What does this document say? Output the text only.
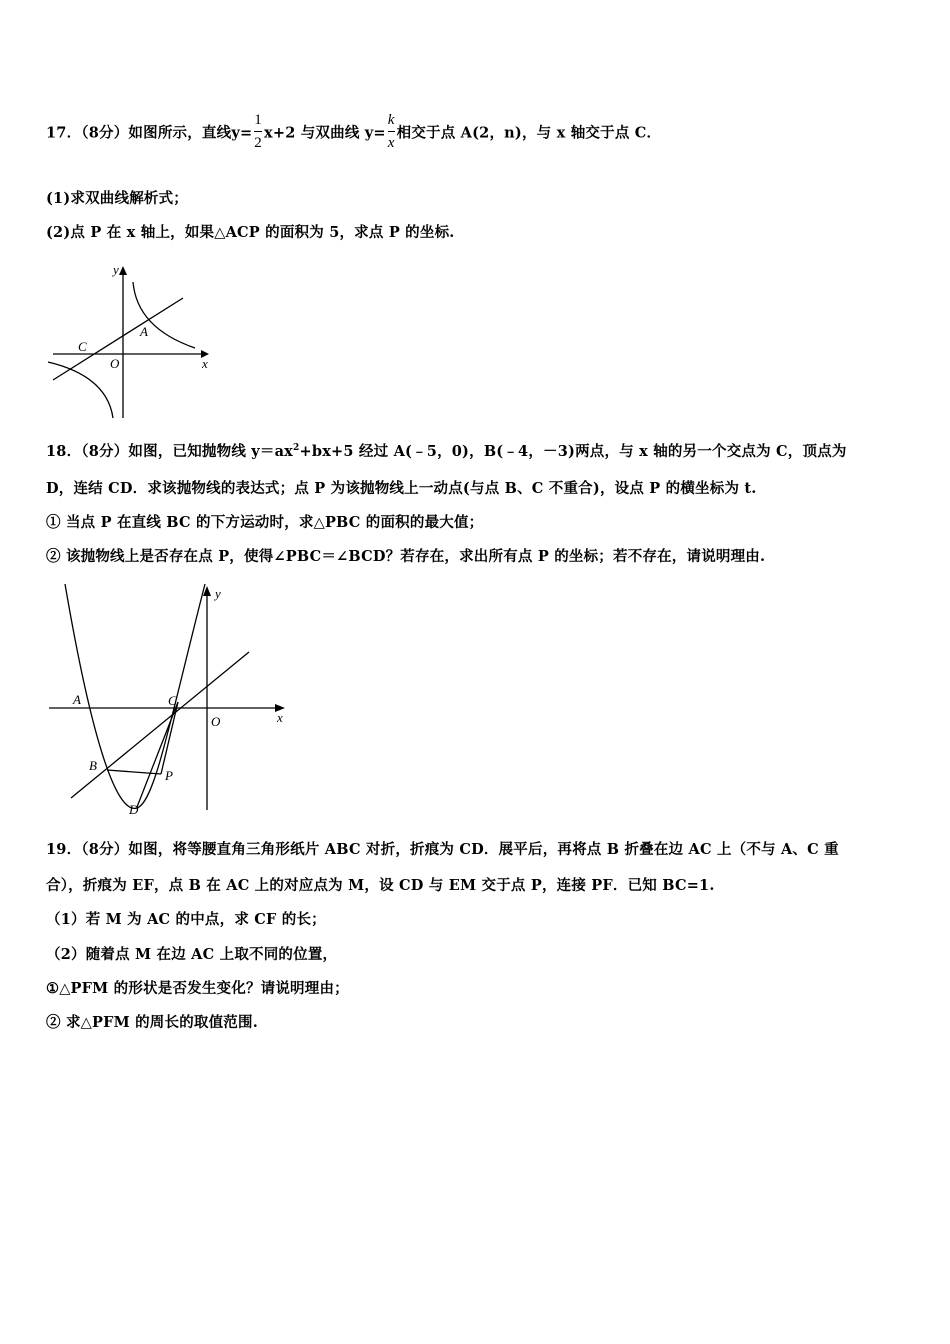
17．（8分）如图所示，直线$y= \frac{1}{2} x+2$ 与双曲线 $y= \frac{k}{x}$ 相交于点 A(2，n)，与 x 轴交于点 C．
(1)求双曲线解析式；
(2)点 P 在 x 轴上，如果△ACP 的面积为 5，求点 P 的坐标.
y
x
A
C
O
18．（8分）如图，已知抛物线 $y=ax^2+bx+5$ 经过 A(﹣5，0)，B(﹣4，－3)两点，与 x 轴的另一个交点为 C，顶点为
D，连结 CD．求该抛物线的表达式；点 P 为该抛物线上一动点(与点 B、C 不重合)，设点 P 的横坐标为 t.
① 当点 P 在直线 BC 的下方运动时，求△PBC 的面积的最大值；
② 该抛物线上是否存在点 P，使得∠PBC＝∠BCD？若存在，求出所有点 P 的坐标；若不存在，请说明理由.
y
x
A	C
O
B
P
D
19．（8分）如图，将等腰直角三角形纸片 ABC 对折，折痕为 CD．展平后，再将点 B 折叠在边 AC 上（不与 A、C 重
合），折痕为 EF，点 B 在 AC 上的对应点为 M，设 CD 与 EM 交于点 P，连接 PF．已知 BC=1.
（1）若 M 为 AC 的中点，求 CF 的长；
（2）随着点 M 在边 AC 上取不同的位置，
①△PFM 的形状是否发生变化？请说明理由；
② 求△PFM 的周长的取值范围.
